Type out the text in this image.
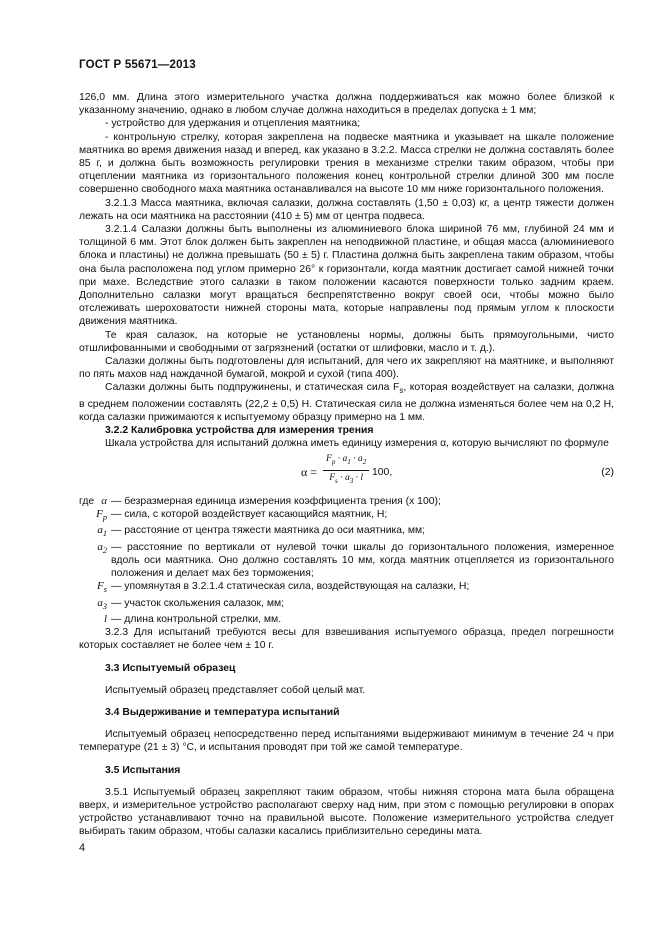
ГОСТ Р 55671—2013

126,0 мм. Длина этого измерительного участка должна поддерживаться как можно более близкой к указанному значению, однако в любом случае должна находиться в пределах допуска ± 1 мм;

- устройство для удержания и отцепления маятника;

- контрольную стрелку, которая закреплена на подвеске маятника и указывает на шкале положение маятника во время движения назад и вперед, как указано в 3.2.2. Масса стрелки не должна составлять более 85 г, и должна быть возможность регулировки трения в механизме стрелки таким образом, чтобы при отцеплении маятника из горизонтального положения конец контрольной стрелки длиной 300 мм после совершенно свободного маха маятника останавливался на высоте 10 мм ниже горизонтального положения.

3.2.1.3 Масса маятника, включая салазки, должна составлять (1,50 ± 0,03) кг, а центр тяжести должен лежать на оси маятника на расстоянии (410 ± 5) мм от центра подвеса.

3.2.1.4 Салазки должны быть выполнены из алюминиевого блока шириной 76 мм, глубиной 24 мм и толщиной 6 мм. Этот блок должен быть закреплен на неподвижной пластине, и общая масса (алюминиевого блока и пластины) не должна превышать (50 ± 5) г. Пластина должна быть закреплена таким образом, чтобы она была расположена под углом примерно 26° к горизонтали, когда маятник достигает самой нижней точки при махе. Вследствие этого салазки в таком положении касаются поверхности только задним краем. Дополнительно салазки могут вращаться беспрепятственно вокруг своей оси, чтобы можно было отслеживать шероховатости нижней стороны мата, которые направлены под прямым углом к плоскости движения маятника.

Те края салазок, на которые не установлены нормы, должны быть прямоугольными, чисто отшлифованными и свободными от загрязнений (остатки от шлифовки, масло и т. д.).

Салазки должны быть подготовлены для испытаний, для чего их закрепляют на маятнике, и выполняют по пять махов над наждачной бумагой, мокрой и сухой (типа 400).

Салазки должны быть подпружинены, и статическая сила $F_s$, которая воздействует на салазки, должна в среднем положении составлять (22,2 ± 0,5) Н. Статическая сила не должна изменяться более чем на 0,2 Н, когда салазки прижимаются к испытуемому образцу примерно на 1 мм.

3.2.2 Калибровка устройства для измерения трения

Шкала устройства для испытаний должна иметь единицу измерения α, которую вычисляют по формуле

$\alpha = \frac{F_p \cdot a_1 \cdot a_2}{F_s \cdot a_3 \cdot l} 100$,	(2)
где α — безразмерная единица измерения коэффициента трения (х 100);
$F_p$ — сила, с которой воздействует касающийся маятник, Н;
$a_1$ — расстояние от центра тяжести маятника до оси маятника, мм;
$a_2$ — расстояние по вертикали от нулевой точки шкалы до горизонтального положения, измеренное вдоль оси маятника. Оно должно составлять 10 мм, когда маятник отцепляется из горизонтального положения и делает мах без торможения;
$F_s$ — упомянутая в 3.2.1.4 статическая сила, воздействующая на салазки, Н;
$a_3$ — участок скольжения салазок, мм;
l — длина контрольной стрелки, мм.

3.2.3 Для испытаний требуются весы для взвешивания испытуемого образца, предел погрешности которых составляет не более чем ± 10 г.

3.3 Испытуемый образец

Испытуемый образец представляет собой целый мат.

3.4 Выдерживание и температура испытаний

Испытуемый образец непосредственно перед испытаниями выдерживают минимум в течение 24 ч при температуре (21 ± 3) °С, и испытания проводят при той же самой температуре.

3.5 Испытания

3.5.1 Испытуемый образец закрепляют таким образом, чтобы нижняя сторона мата была обращена вверх, и измерительное устройство располагают сверху над ним, при этом с помощью регулировки в опорах устройство устанавливают точно на правильной высоте. Положение измерительного устройства следует выбирать таким образом, чтобы салазки касались приблизительно середины мата.

4
